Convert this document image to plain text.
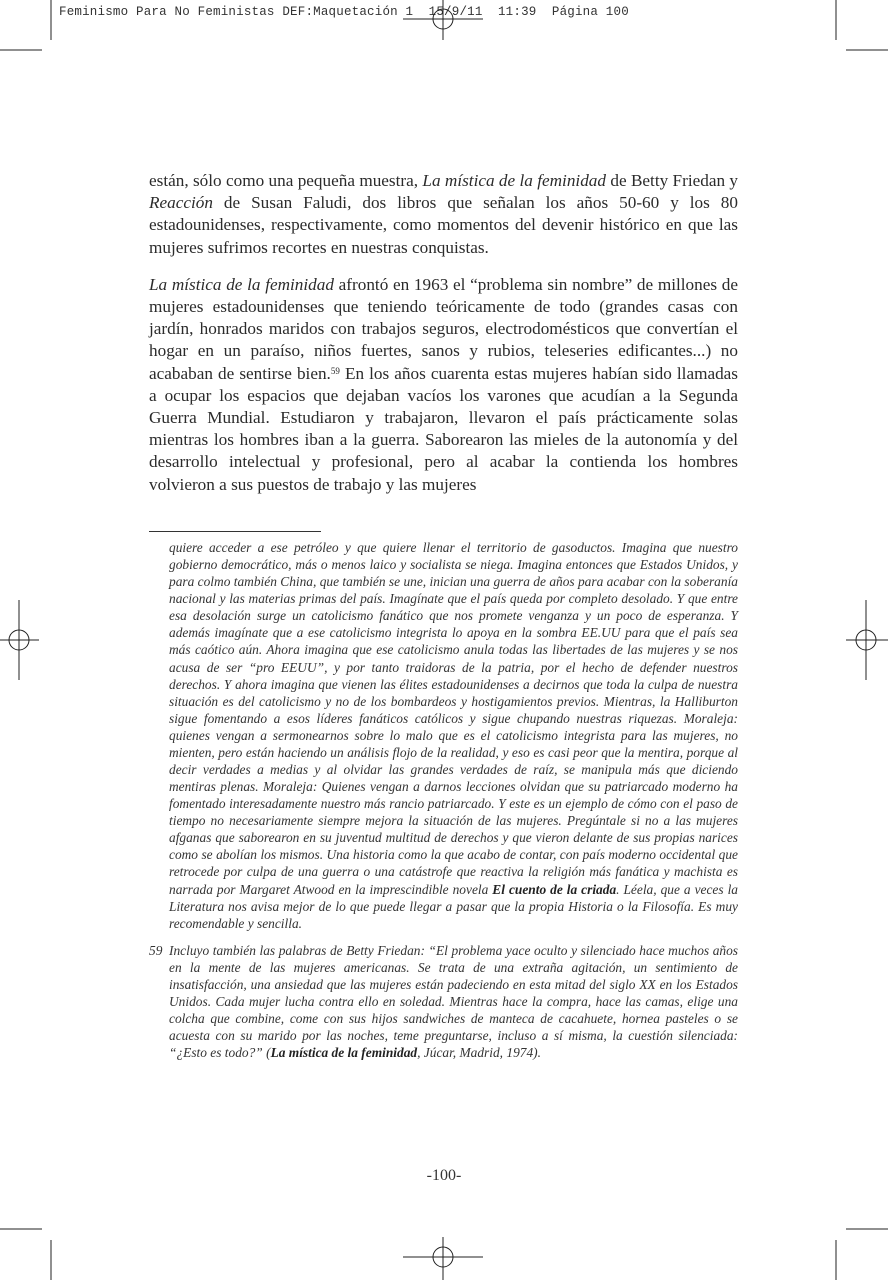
Feminismo Para No Feministas DEF:Maquetación 1  15/9/11  11:39  Página 100

están, sólo como una pequeña muestra, La mística de la feminidad de Betty Friedan y Reacción de Susan Faludi, dos libros que señalan los años 50-60 y los 80 estadounidenses, respectivamente, como momentos del devenir histórico en que las mujeres sufrimos recortes en nuestras conquistas.

La mística de la feminidad afrontó en 1963 el “problema sin nombre” de millones de mujeres estadounidenses que teniendo teóricamente de todo (grandes casas con jardín, honrados maridos con trabajos seguros, electrodomésticos que convertían el hogar en un paraíso, niños fuertes, sanos y rubios, teleseries edificantes...) no acababan de sentirse bien.$^{59}$ En los años cuarenta estas mujeres habían sido llamadas a ocupar los espacios que dejaban vacíos los varones que acudían a la Segunda Guerra Mundial. Estudiaron y trabajaron, llevaron el país prácticamente solas mientras los hombres iban a la guerra. Saborearon las mieles de la autonomía y del desarrollo intelectual y profesional, pero al acabar la contienda los hombres volvieron a sus puestos de trabajo y las mujeres

quiere acceder a ese petróleo y que quiere llenar el territorio de gasoductos. Imagina que nuestro gobierno democrático, más o menos laico y socialista se niega. Imagina entonces que Estados Unidos, y para colmo también China, que también se une, inician una guerra de años para acabar con la soberanía nacional y las materias primas del país. Imagínate que el país queda por completo desolado. Y que entre esa desolación surge un catolicismo fanático que nos promete venganza y un poco de esperanza. Y además imagínate que a ese catolicismo integrista lo apoya en la sombra EE.UU para que el país sea más caótico aún. Ahora imagina que ese catolicismo anula todas las libertades de las mujeres y se nos acusa de ser “pro EEUU”, y por tanto traidoras de la patria, por el hecho de defender nuestros derechos. Y ahora imagina que vienen las élites estadounidenses a decirnos que toda la culpa de nuestra situación es del catolicismo y no de los bombardeos y hostigamientos previos. Mientras, la Halliburton sigue fomentando a esos líderes fanáticos católicos y sigue chupando nuestras riquezas. Moraleja: quienes vengan a sermonearnos sobre lo malo que es el catolicismo integrista para las mujeres, no mienten, pero están haciendo un análisis flojo de la realidad, y eso es casi peor que la mentira, porque al decir verdades a medias y al olvidar las grandes verdades de raíz, se manipula más que diciendo mentiras plenas. Moraleja: Quienes vengan a darnos lecciones olvidan que su patriarcado moderno ha fomentado interesadamente nuestro más rancio patriarcado. Y este es un ejemplo de cómo con el paso de tiempo no necesariamente siempre mejora la situación de las mujeres. Pregúntale si no a las mujeres afganas que saborearon en su juventud multitud de derechos y que vieron delante de sus propias narices como se abolían los mismos. Una historia como la que acabo de contar, con país moderno occidental que retrocede por culpa de una guerra o una catástrofe que reactiva la religión más fanática y machista es narrada por Margaret Atwood en la imprescindible novela El cuento de la criada. Léela, que a veces la Literatura nos avisa mejor de lo que puede llegar a pasar que la propia Historia o la Filosofía. Es muy recomendable y sencilla.
59 Incluyo también las palabras de Betty Friedan: “El problema yace oculto y silenciado hace muchos años en la mente de las mujeres americanas. Se trata de una extraña agitación, un sentimiento de insatisfacción, una ansiedad que las mujeres están padeciendo en esta mitad del siglo XX en los Estados Unidos. Cada mujer lucha contra ello en soledad. Mientras hace la compra, hace las camas, elige una colcha que combine, come con sus hijos sandwiches de manteca de cacahuete, hornea pasteles o se acuesta con su marido por las noches, teme preguntarse, incluso a sí misma, la cuestión silenciada: “¿Esto es todo?” (La mística de la feminidad, Júcar, Madrid, 1974).
-100-
